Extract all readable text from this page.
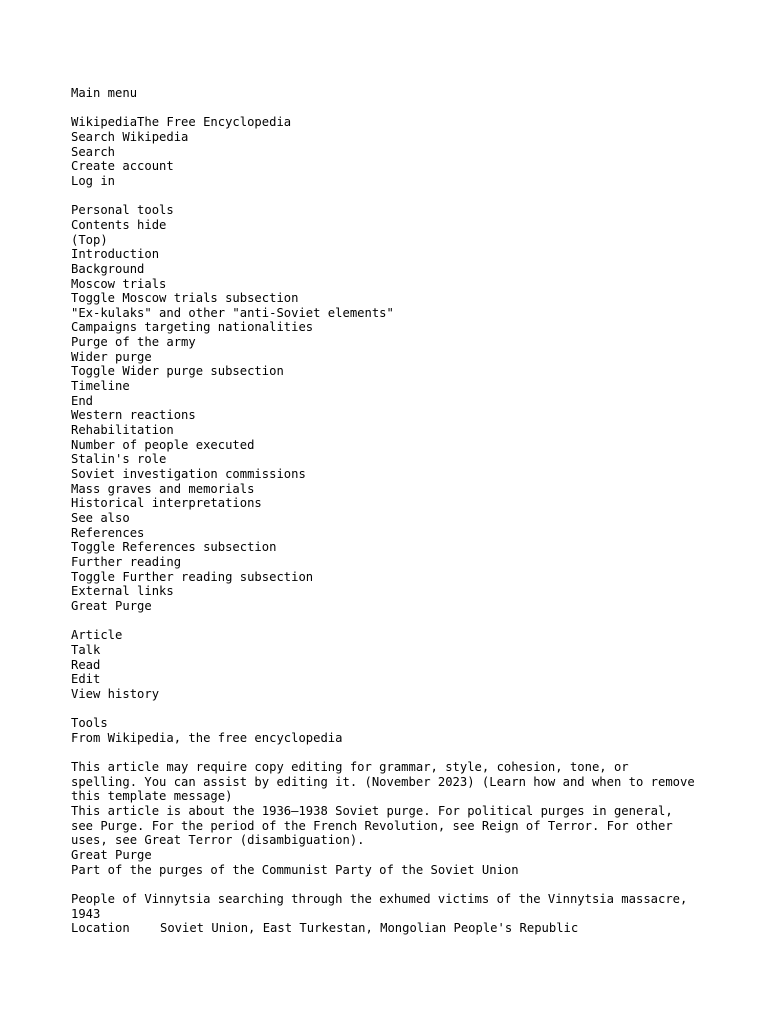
Main menu
WikipediaThe Free Encyclopedia
Search Wikipedia
Search
Create account
Log in
Personal tools
Contents hide
(Top)
Introduction
Background
Moscow trials
Toggle Moscow trials subsection
"Ex-kulaks" and other "anti-Soviet elements"
Campaigns targeting nationalities
Purge of the army
Wider purge
Toggle Wider purge subsection
Timeline
End
Western reactions
Rehabilitation
Number of people executed
Stalin's role
Soviet investigation commissions
Mass graves and memorials
Historical interpretations
See also
References
Toggle References subsection
Further reading
Toggle Further reading subsection
External links
Great Purge
Article
Talk
Read
Edit
View history
Tools
From Wikipedia, the free encyclopedia
This article may require copy editing for grammar, style, cohesion, tone, or spelling. You can assist by editing it. (November 2023) (Learn how and when to remove this template message)
This article is about the 1936–1938 Soviet purge. For political purges in general, see Purge. For the period of the French Revolution, see Reign of Terror. For other uses, see Great Terror (disambiguation).
Great Purge
Part of the purges of the Communist Party of the Soviet Union
People of Vinnytsia searching through the exhumed victims of the Vinnytsia massacre, 1943
Location Soviet Union, East Turkestan, Mongolian People's Republic
